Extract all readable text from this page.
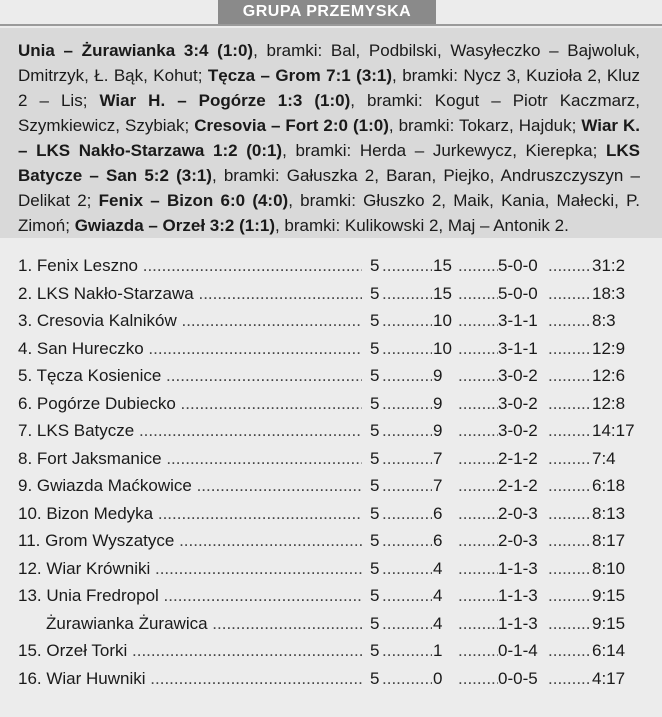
GRUPA PRZEMYSKA

Unia – Żurawianka 3:4 (1:0), bramki: Bal, Podbilski, Wasyłeczko – Bajwoluk, Dmitrzyk, Ł. Bąk, Kohut; Tęcza – Grom 7:1 (3:1), bramki: Nycz 3, Kuzioła 2, Kluz 2 – Lis; Wiar H. – Pogórze 1:3 (1:0), bramki: Kogut – Piotr Kaczmarz, Szymkiewicz, Szybiak; Cresovia – Fort 2:0 (1:0), bramki: Tokarz, Hajduk; Wiar K. – LKS Nakło-Starzawa 1:2 (0:1), bramki: Herda – Jurkewycz, Kierepka; LKS Batycze – San 5:2 (3:1), bramki: Gałuszka 2, Baran, Piejko, Andruszczyszyn – Delikat 2; Fenix – Bizon 6:0 (4:0), bramki: Głuszko 2, Maik, Kania, Małecki, P. Zimoń; Gwiazda – Orzeł 3:2 (1:1), bramki: Kulikowski 2, Maj – Antonik 2.

1. Fenix Leszno ..... .....	5 .....	15 .....	5-0-0	31:2
2. LKS Nakło-Starzawa ..... .....	5 .....	15 .....	5-0-0	18:3
3. Cresovia Kalników ..... .....	5 .....	10 .....	3-1-1	8:3
4. San Hureczko ..... .....	5 .....	10 .....	3-1-1	12:9
5. Tęcza Kosienice ..... .....	5 .....	9 .....	3-0-2	12:6
6. Pogórze Dubiecko ..... .....	5 .....	9 .....	3-0-2	12:8
7. LKS Batycze ..... .....	5 .....	9 .....	3-0-2	14:17
8. Fort Jaksmanice ..... .....	5 .....	7 .....	2-1-2	7:4
9. Gwiazda Maćkowice ..... .....	5 .....	7 .....	2-1-2	6:18
10. Bizon Medyka ..... .....	5 .....	6 .....	2-0-3	8:13
11. Grom Wyszatyce ..... .....	5 .....	6 .....	2-0-3	8:17
12. Wiar Krówniki ..... .....	5 .....	4 .....	1-1-3	8:10
13. Unia Fredropol ..... .....	5 .....	4 .....	1-1-3	9:15
Żurawianka Żurawica ..... .....	5 .....	4 .....	1-1-3	9:15
15. Orzeł Torki ..... .....	5 .....	1 .....	0-1-4	6:14
16. Wiar Huwniki ..... .....	5 .....	0 .....	0-0-5	4:17
